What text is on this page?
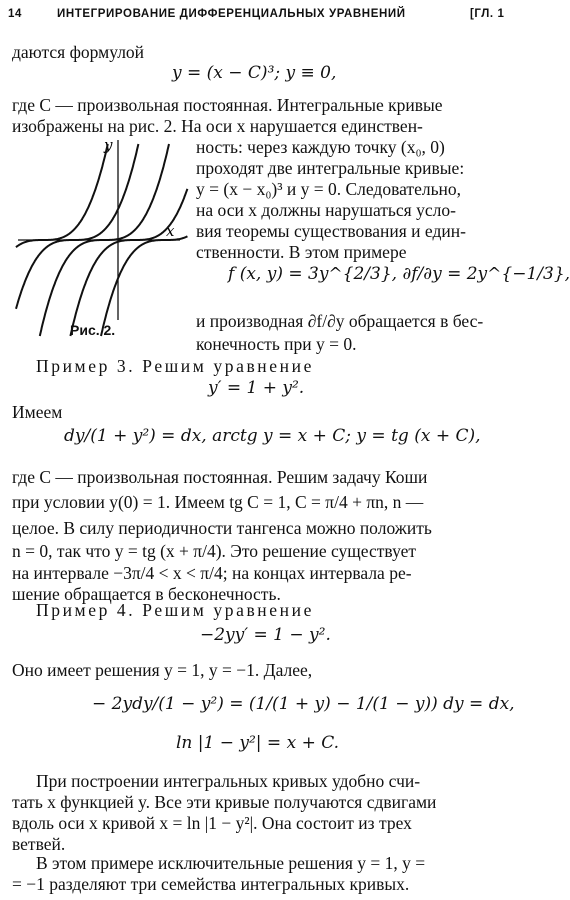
14	ИНТЕГРИРОВАНИЕ ДИФФЕРЕНЦИАЛЬНЫХ УРАВНЕНИЙ	[ГЛ. 1
даются формулой
y = (x − C)³; y ≡ 0,
где C — произвольная постоянная. Интегральные кривые
изображены на рис. 2. На оси x нарушается единствен-
ность: через каждую точку (x₀, 0)
проходят две интегральные кривые:
y = (x − x₀)³ и y = 0. Следовательно,
на оси x должны нарушаться усло-
вия теоремы существования и един-
ственности. В этом примере
f (x, y) = 3y^{2/3}, ∂f/∂y = 2y^{−1/3},
и производная ∂f/∂y обращается в бес-
конечность при y = 0.
Пример 3. Решим уравнение
y′ = 1 + y².
Имеем
dy/(1 + y²) = dx, arctg y = x + C; y = tg (x + C),
где C — произвольная постоянная. Решим задачу Коши
при условии y(0) = 1. Имеем tg C = 1, C = π/4 + πn, n —
целое. В силу периодичности тангенса можно положить
n = 0, так что y = tg (x + π/4). Это решение существует
на интервале −3π/4 < x < π/4; на концах интервала ре-
шение обращается в бесконечность.
Пример 4. Решим уравнение
−2yy′ = 1 − y².
Оно имеет решения y = 1, y = −1. Далее,
− 2ydy/(1 − y²) = (1/(1 + y) − 1/(1 − y)) dy = dx,
ln |1 − y²| = x + C.
При построении интегральных кривых удобно счи-
тать x функцией y. Все эти кривые получаются сдвигами
вдоль оси x кривой x = ln |1 − y²|. Она состоит из трех
ветвей.
В этом примере исключительные решения y = 1, y =
= −1 разделяют три семейства интегральных кривых.
x
y
Рис. 2.
